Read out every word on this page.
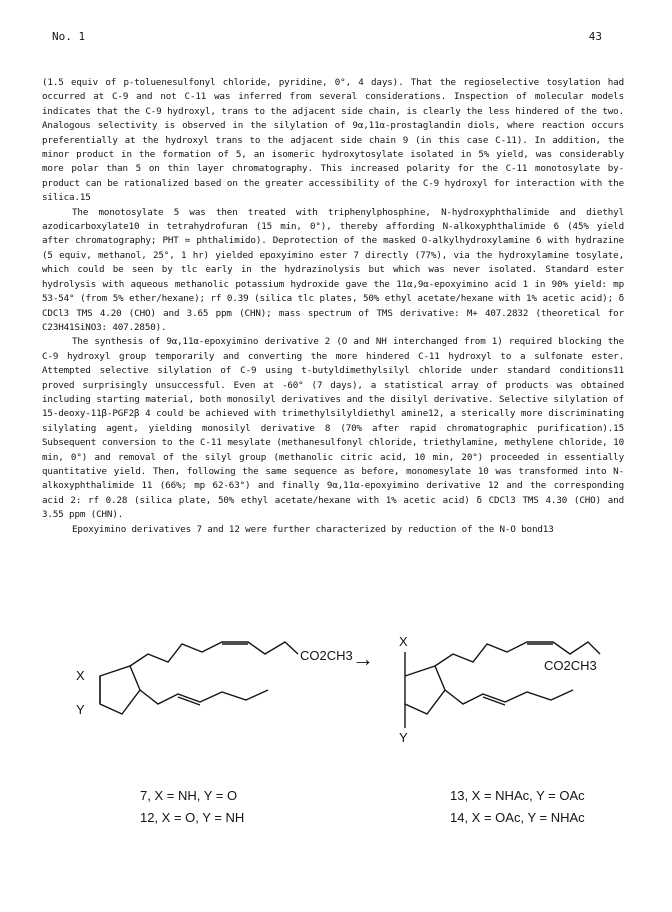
No. 1	43

(1.5 equiv of p-toluenesulfonyl chloride, pyridine, 0°, 4 days). That the regioselective tosylation had occurred at C-9 and not C-11 was inferred from several considerations. Inspection of molecular models indicates that the C-9 hydroxyl, trans to the adjacent side chain, is clearly the less hindered of the two. Analogous selectivity is observed in the silylation of 9α,11α-prostaglandin diols, where reaction occurs preferentially at the hydroxyl trans to the adjacent side chain 9 (in this case C-11). In addition, the minor product in the formation of 5, an isomeric hydroxytosylate isolated in 5% yield, was considerably more polar than 5 on thin layer chromatography. This increased polarity for the C-11 monotosylate by-product can be rationalized based on the greater accessibility of the C-9 hydroxyl for interaction with the silica.15

The monotosylate 5 was then treated with triphenylphosphine, N-hydroxyphthalimide and diethyl azodicarboxylate10 in tetrahydrofuran (15 min, 0°), thereby affording N-alkoxyphthalimide 6 (45% yield after chromatography; PHT = phthalimido). Deprotection of the masked O-alkylhydroxylamine 6 with hydrazine (5 equiv, methanol, 25°, 1 hr) yielded epoxyimino ester 7 directly (77%), via the hydroxylamine tosylate, which could be seen by tlc early in the hydrazinolysis but which was never isolated. Standard ester hydrolysis with aqueous methanolic potassium hydroxide gave the 11α,9α-epoxyimino acid 1 in 90% yield: mp 53-54° (from 5% ether/hexane); rf 0.39 (silica tlc plates, 50% ethyl acetate/hexane with 1% acetic acid); δ CDCl3 TMS 4.20 (CHO) and 3.65 ppm (CHN); mass spectrum of TMS derivative: M+ 407.2832 (theoretical for C23H41SiNO3: 407.2850).

The synthesis of 9α,11α-epoxyimino derivative 2 (O and NH interchanged from 1) required blocking the C-9 hydroxyl group temporarily and converting the more hindered C-11 hydroxyl to a sulfonate ester. Attempted selective silylation of C-9 using t-butyldimethylsilyl chloride under standard conditions11 proved surprisingly unsuccessful. Even at -60° (7 days), a statistical array of products was obtained including starting material, both monosilyl derivatives and the disilyl derivative. Selective silylation of 15-deoxy-11β-PGF2β 4 could be achieved with trimethylsilyldiethyl amine12, a sterically more discriminating silylating agent, yielding monosilyl derivative 8 (70% after rapid chromatographic purification).15 Subsequent conversion to the C-11 mesylate (methanesulfonyl chloride, triethylamine, methylene chloride, 10 min, 0°) and removal of the silyl group (methanolic citric acid, 10 min, 20°) proceeded in essentially quantitative yield. Then, following the same sequence as before, monomesylate 10 was transformed into N-alkoxyphthalimide 11 (66%; mp 62-63°) and finally 9α,11α-epoxyimino derivative 12 and the corresponding acid 2: rf 0.28 (silica plate, 50% ethyl acetate/hexane with 1% acetic acid) δ CDCl3 TMS 4.30 (CHO) and 3.55 ppm (CHN).

Epoxyimino derivatives 7 and 12 were further characterized by reduction of the N-O bond13

X
Y
CO2CH3 →
X
Y
CO2CH3
7, X = NH, Y = O
12, X = O, Y = NH
13, X = NHAc, Y = OAc
14, X = OAc, Y = NHAc
